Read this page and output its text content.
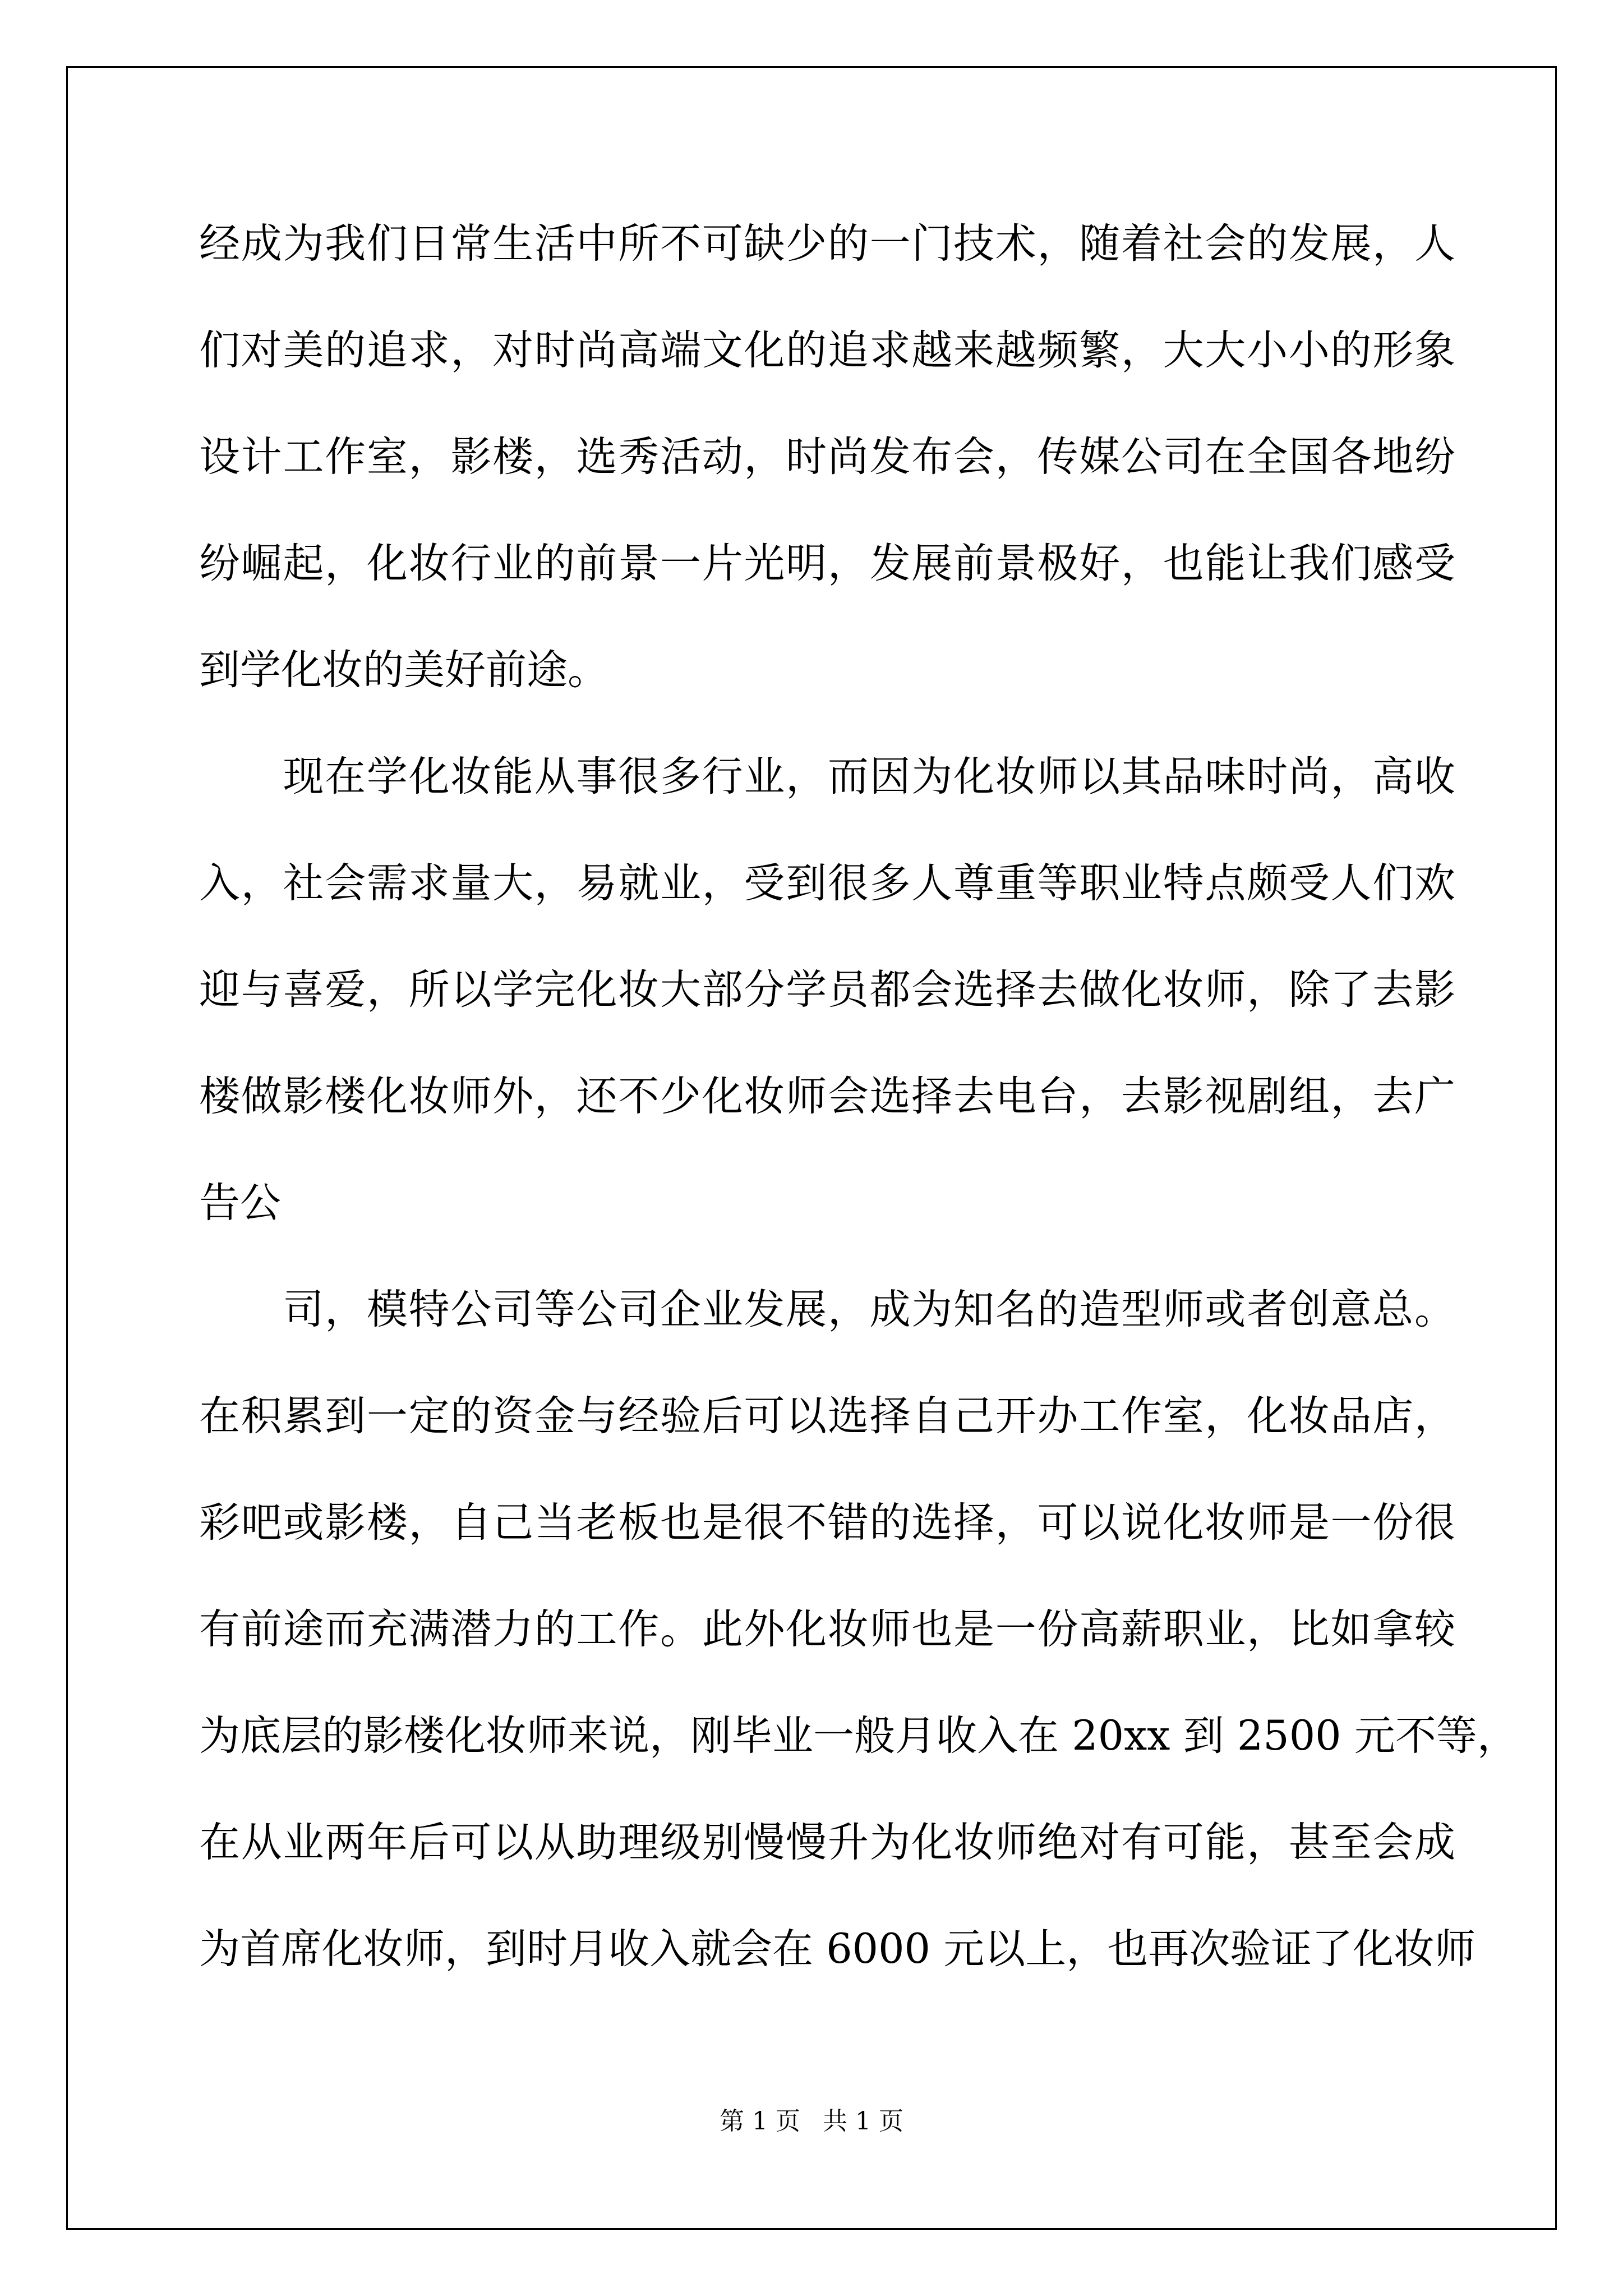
经成为我们日常生活中所不可缺少的一门技术，随着社会的发展，人
们对美的追求，对时尚高端文化的追求越来越频繁，大大小小的形象
设计工作室，影楼，选秀活动，时尚发布会，传媒公司在全国各地纷
纷崛起，化妆行业的前景一片光明，发展前景极好，也能让我们感受
到学化妆的美好前途。
　　现在学化妆能从事很多行业，而因为化妆师以其品味时尚，高收
入，社会需求量大，易就业，受到很多人尊重等职业特点颇受人们欢
迎与喜爱，所以学完化妆大部分学员都会选择去做化妆师，除了去影
楼做影楼化妆师外，还不少化妆师会选择去电台，去影视剧组，去广
告公
　　司，模特公司等公司企业发展，成为知名的造型师或者创意总。
在积累到一定的资金与经验后可以选择自己开办工作室，化妆品店，
彩吧或影楼，自己当老板也是很不错的选择，可以说化妆师是一份很
有前途而充满潜力的工作。此外化妆师也是一份高薪职业，比如拿较
为底层的影楼化妆师来说，刚毕业一般月收入在 20xx 到 2500 元不等，
在从业两年后可以从助理级别慢慢升为化妆师绝对有可能，甚至会成
为首席化妆师，到时月收入就会在 6000 元以上，也再次验证了化妆师
第 1 页 共 1 页
